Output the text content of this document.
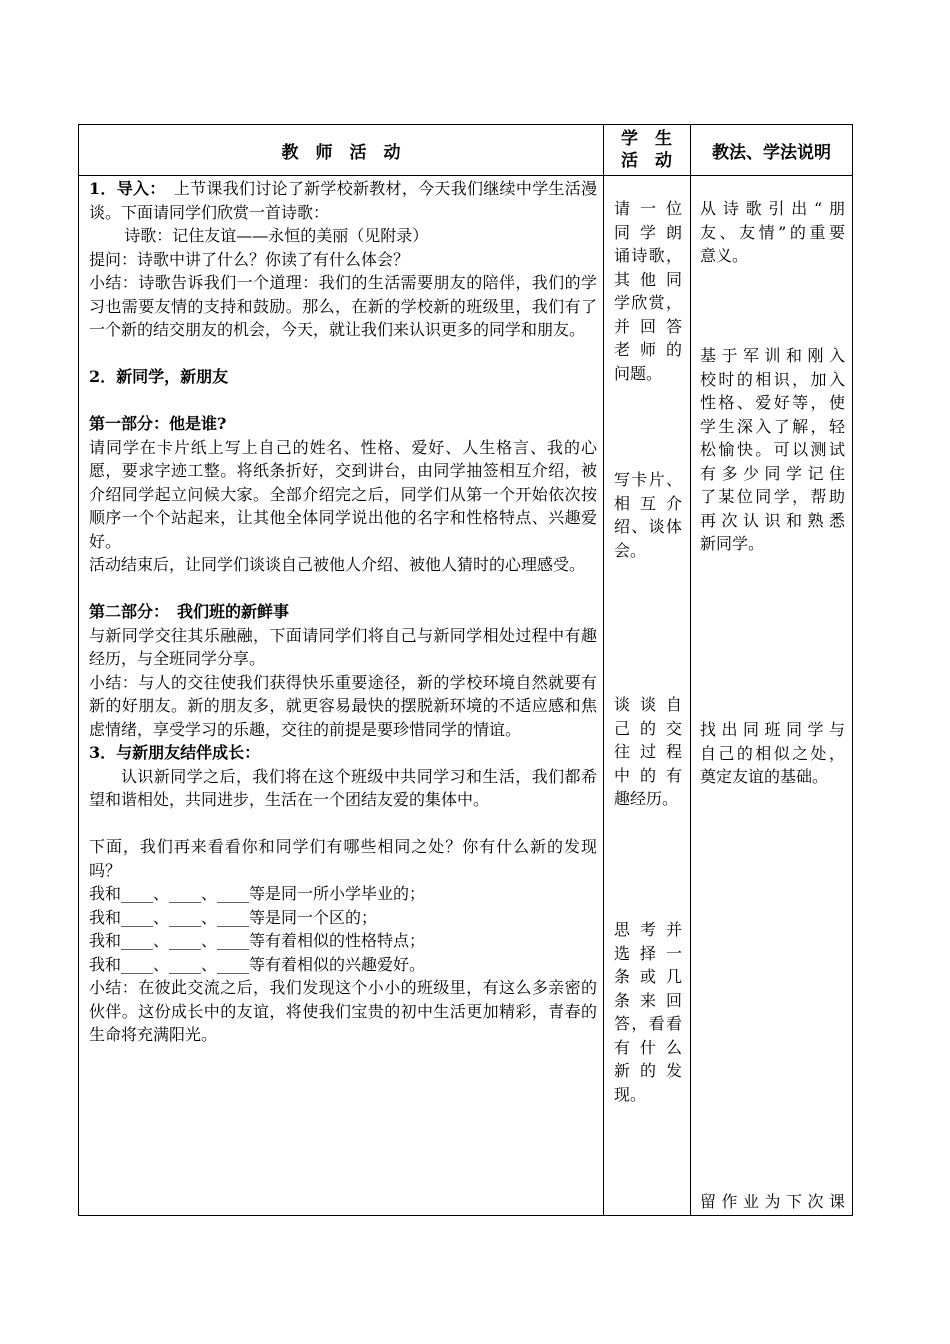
教　师　活　动
学　生
活　动	教法、学法说明

1．导入：　上节课我们讨论了新学校新教材，今天我们继续中学生活漫谈。下面请同学们欣赏一首诗歌：

诗歌：记住友谊——永恒的美丽（见附录）

提问：诗歌中讲了什么？你读了有什么体会？

小结：诗歌告诉我们一个道理：我们的生活需要朋友的陪伴，我们的学习也需要友情的支持和鼓励。那么，在新的学校新的班级里，我们有了一个新的结交朋友的机会，今天，就让我们来认识更多的同学和朋友。

2．新同学，新朋友

第一部分：他是谁?

请同学在卡片纸上写上自己的姓名、性格、爱好、人生格言、我的心愿，要求字迹工整。将纸条折好，交到讲台，由同学抽签相互介绍，被介绍同学起立问候大家。全部介绍完之后，同学们从第一个开始依次按顺序一个个站起来，让其他全体同学说出他的名字和性格特点、兴趣爱好。

活动结束后，让同学们谈谈自己被他人介绍、被他人猜时的心理感受。

第二部分：　我们班的新鲜事

与新同学交往其乐融融，下面请同学们将自己与新同学相处过程中有趣经历，与全班同学分享。

小结：与人的交往使我们获得快乐重要途径，新的学校环境自然就要有新的好朋友。新的朋友多，就更容易最快的摆脱新环境的不适应感和焦虑情绪，享受学习的乐趣，交往的前提是要珍惜同学的情谊。

3．与新朋友结伴成长：

认识新同学之后，我们将在这个班级中共同学习和生活，我们都希望和谐相处，共同进步，生活在一个团结友爱的集体中。

下面，我们再来看看你和同学们有哪些相同之处？你有什么新的发现吗？

我和____、____、____等是同一所小学毕业的；

我和____、____、____等是同一个区的；

我和____、____、____等有着相似的性格特点；

我和____、____、____等有着相似的兴趣爱好。

小结：在彼此交流之后，我们发现这个小小的班级里，有这么多亲密的伙伴。这份成长中的友谊，将使我们宝贵的初中生活更加精彩，青春的生命将充满阳光。

请一位

同学朗

诵诗歌，

其他同

学欣赏，

并回答

老师的

问题。

写卡片、

相互介

绍、谈体

会。

谈谈自

己的交

往过程

中的有

趣经历。

思考并

选择一

条或几

条来回

答，看看

有什么

新的发

现。

从诗歌引出“朋

友、友情”的重要

意义。

基于军训和刚入

校时的相识，加入

性格、爱好等，使

学生深入了解，轻

松愉快。可以测试

有多少同学记住

了某位同学，帮助

再次认识和熟悉

新同学。

找出同班同学与

自己的相似之处，

奠定友谊的基础。

留作业为下次课
